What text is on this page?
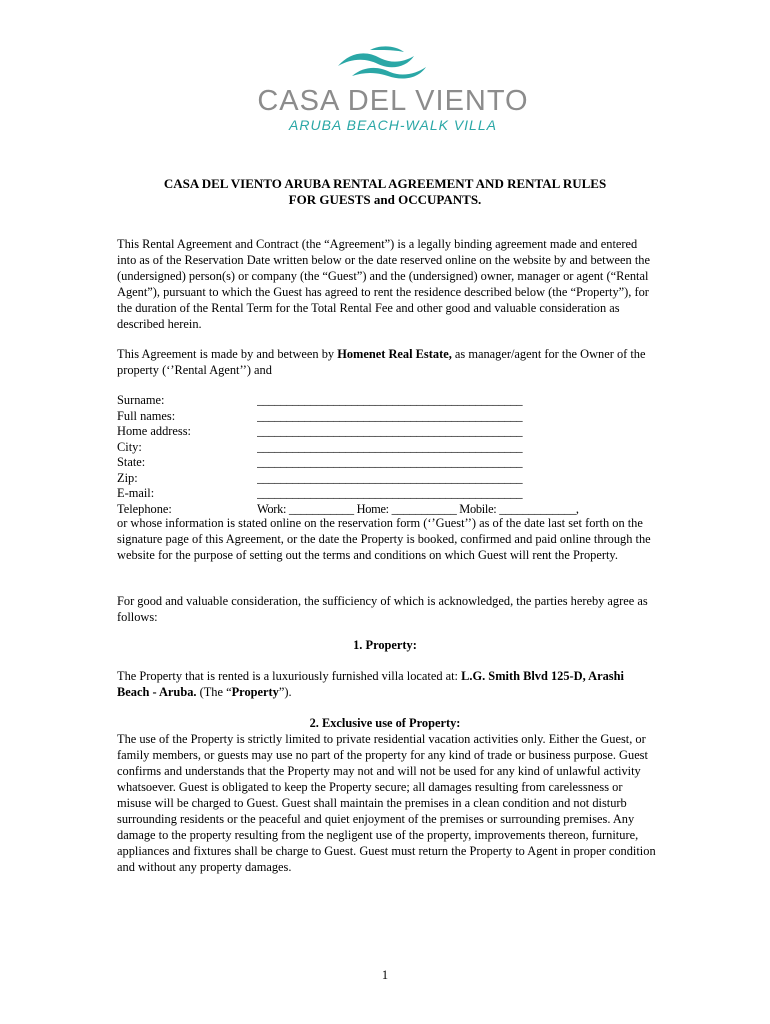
CASA DEL VIENTO
ARUBA BEACH-WALK VILLA
CASA DEL VIENTO ARUBA RENTAL AGREEMENT AND RENTAL RULES
FOR GUESTS and OCCUPANTS.

This Rental Agreement and Contract (the “Agreement”) is a legally binding agreement made and entered into as of the Reservation Date written below or the date reserved online on the website by and between the (undersigned) person(s) or company (the “Guest”) and the (undersigned) owner, manager or agent (“Rental Agent”), pursuant to which the Guest has agreed to rent the residence described below (the “Property”), for the duration of the Rental Term for the Total Rental Fee and other good and valuable consideration as described herein.

This Agreement is made by and between by Homenet Real Estate, as manager/agent for the Owner of the property (‘’Rental Agent’’) and

Surname:	_____________________________________________
Full names:	_____________________________________________
Home address:	_____________________________________________
City:	_____________________________________________
State:	_____________________________________________
Zip:	_____________________________________________
E-mail:	_____________________________________________
Telephone:	Work: ___________ Home: ___________ Mobile: _____________,

or whose information is stated online on the reservation form (‘’Guest’’) as of the date last set forth on the signature page of this Agreement, or the date the Property is booked, confirmed and paid online through the website for the purpose of setting out the terms and conditions on which Guest will rent the Property.

For good and valuable consideration, the sufficiency of which is acknowledged, the parties hereby agree as follows:

1. Property:

The Property that is rented is a luxuriously furnished villa located at: L.G. Smith Blvd 125-D, Arashi Beach - Aruba. (The “Property”).

2. Exclusive use of Property:

The use of the Property is strictly limited to private residential vacation activities only. Either the Guest, or family members, or guests may use no part of the property for any kind of trade or business purpose. Guest confirms and understands that the Property may not and will not be used for any kind of unlawful activity whatsoever. Guest is obligated to keep the Property secure; all damages resulting from carelessness or misuse will be charged to Guest. Guest shall maintain the premises in a clean condition and not disturb surrounding residents or the peaceful and quiet enjoyment of the premises or surrounding premises. Any damage to the property resulting from the negligent use of the property, improvements thereon, furniture, appliances and fixtures shall be charge to Guest. Guest must return the Property to Agent in proper condition and without any property damages.

1
